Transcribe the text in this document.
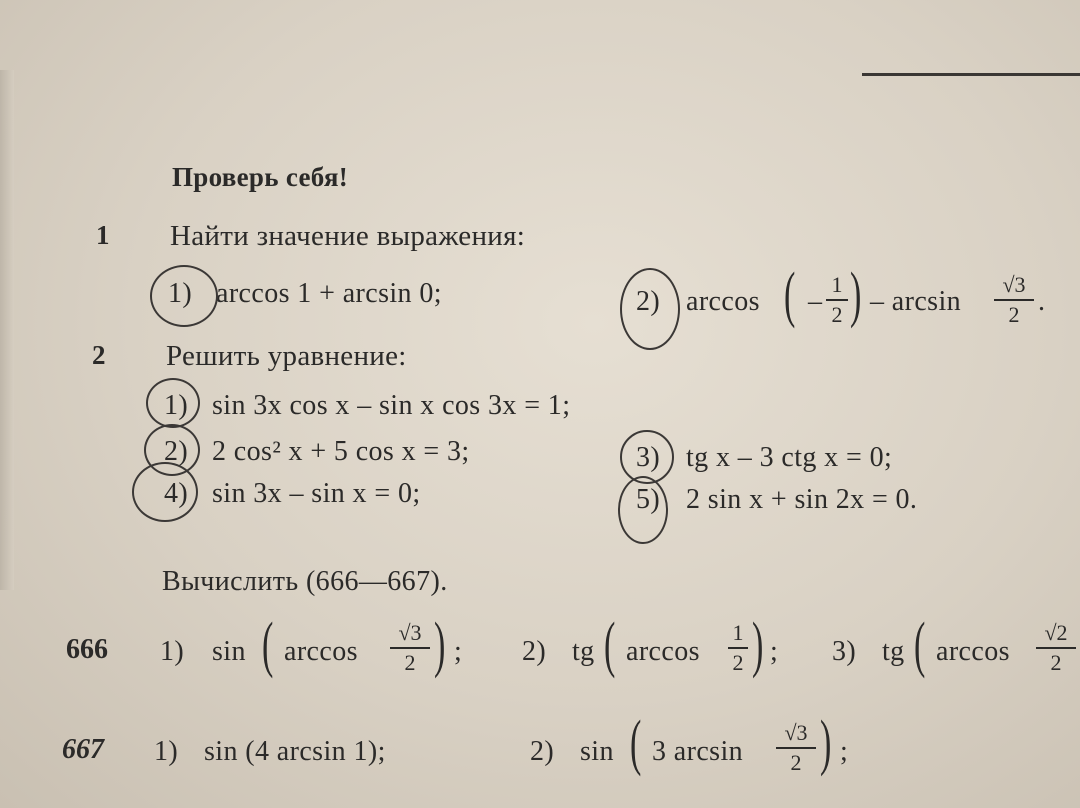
Проверь себя!
1 Найти значение выражения:
1) arccos 1 + arcsin 0;	2) arccos ( –
1
2 ) – arcsin
√3
2 .
2 Решить уравнение:
1) sin 3x cos x – sin x cos 3x = 1;
2) 2 cos² x + 5 cos x = 3;	3) tg x – 3 ctg x = 0;
4) sin 3x – sin x = 0;	5) 2 sin x + sin 2x = 0.
Вычислить (666—667).
666 1) sin ( arccos
√3
2 ) ; 2) tg ( arccos
1
2 ) ; 3) tg ( arccos
√2
2
667 1) sin (4 arcsin 1);	2) sin ( 3 arcsin
√3
2 ) ;
